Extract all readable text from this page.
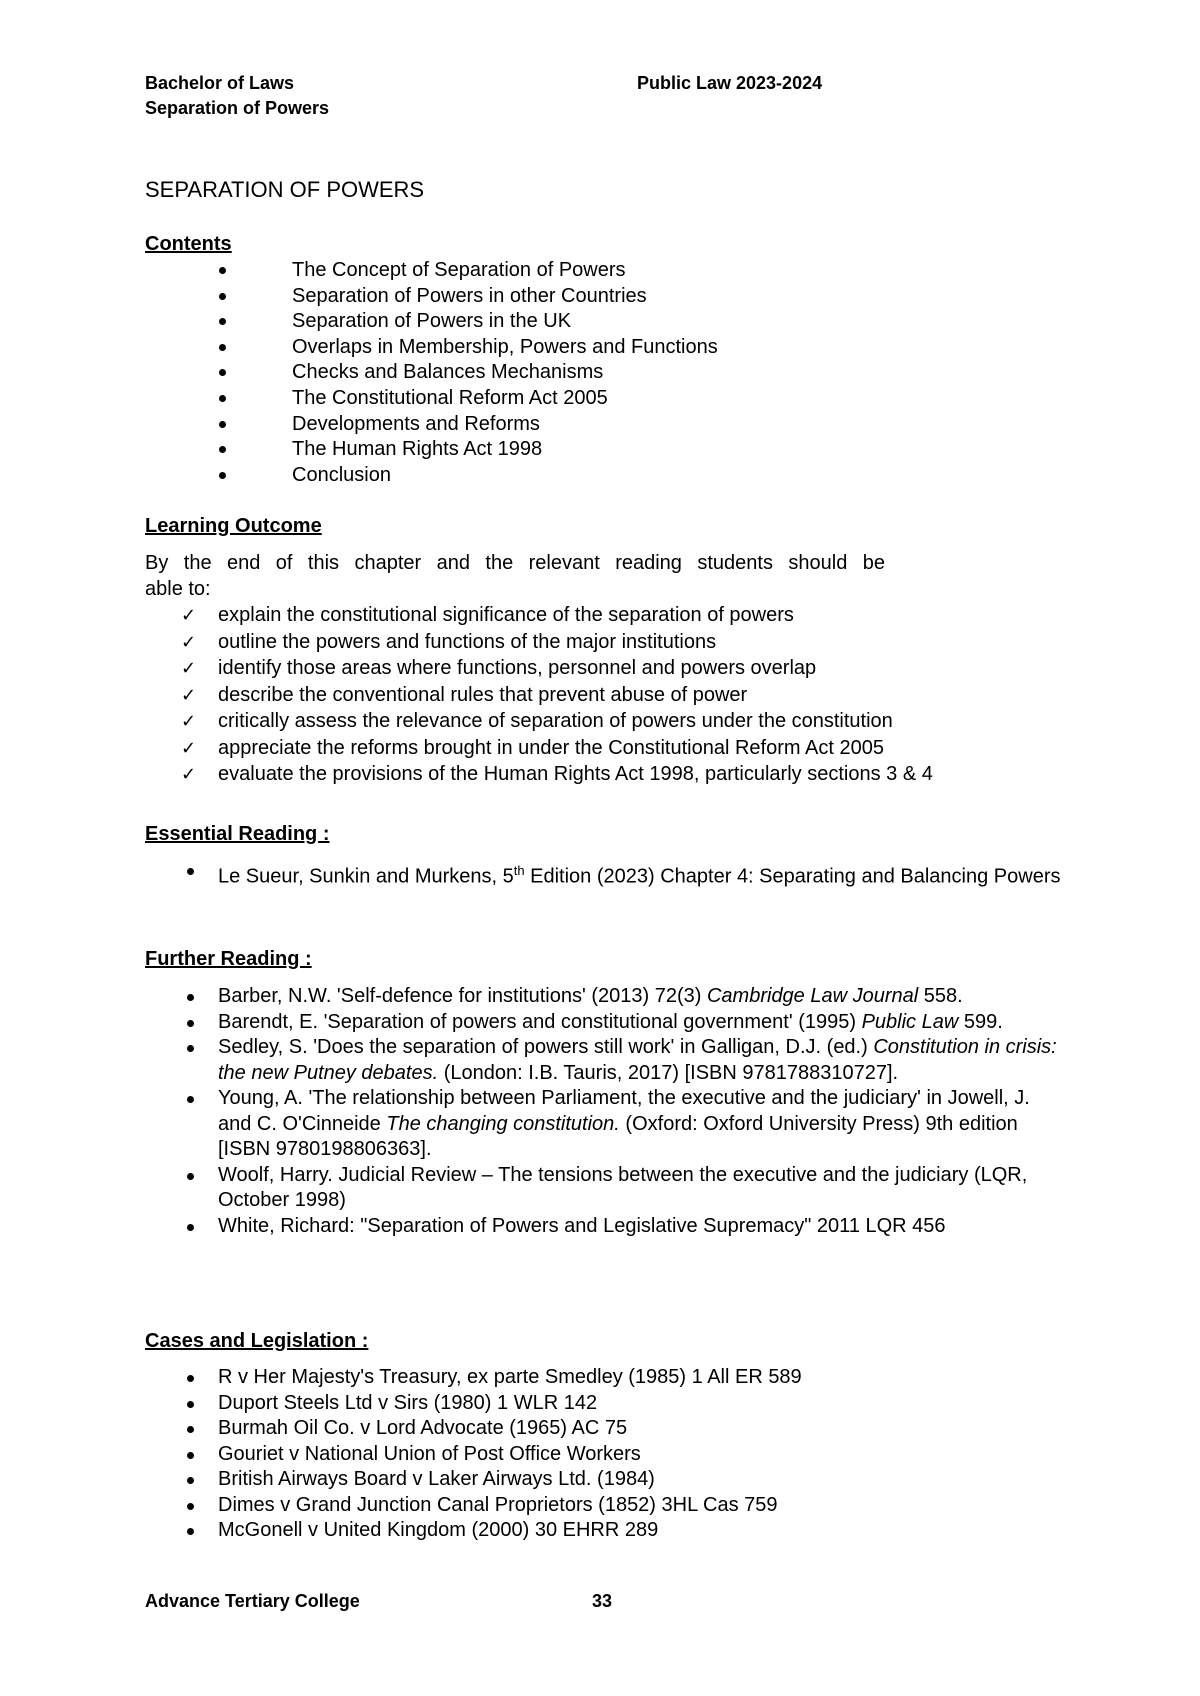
Bachelor of Laws
Separation of Powers
Public Law 2023-2024
SEPARATION OF POWERS
Contents
The Concept of Separation of Powers
Separation of Powers in other Countries
Separation of Powers in the UK
Overlaps in Membership, Powers and Functions
Checks and Balances Mechanisms
The Constitutional Reform Act 2005
Developments and Reforms
The Human Rights Act 1998
Conclusion
Learning Outcome
By the end of this chapter and the relevant reading students should be
able to:
✓ explain the constitutional significance of the separation of powers
✓ outline the powers and functions of the major institutions
✓ identify those areas where functions, personnel and powers overlap
✓ describe the conventional rules that prevent abuse of power
✓ critically assess the relevance of separation of powers under the constitution
✓ appreciate the reforms brought in under the Constitutional Reform Act 2005
✓ evaluate the provisions of the Human Rights Act 1998, particularly sections 3 & 4
Essential Reading :
Le Sueur, Sunkin and Murkens, 5th Edition (2023) Chapter 4: Separating and Balancing Powers
Further Reading :
Barber, N.W. 'Self-defence for institutions' (2013) 72(3) Cambridge Law Journal 558.
Barendt, E. 'Separation of powers and constitutional government' (1995) Public Law 599.
Sedley, S. 'Does the separation of powers still work' in Galligan, D.J. (ed.) Constitution in crisis: the new Putney debates. (London: I.B. Tauris, 2017) [ISBN 9781788310727].
Young, A. 'The relationship between Parliament, the executive and the judiciary' in Jowell, J. and C. O'Cinneide The changing constitution. (Oxford: Oxford University Press) 9th edition [ISBN 9780198806363].
Woolf, Harry. Judicial Review – The tensions between the executive and the judiciary (LQR, October 1998)
White, Richard: "Separation of Powers and Legislative Supremacy" 2011 LQR 456
Cases and Legislation :
R v Her Majesty's Treasury, ex parte Smedley (1985) 1 All ER 589
Duport Steels Ltd v Sirs (1980) 1 WLR 142
Burmah Oil Co. v Lord Advocate (1965) AC 75
Gouriet v National Union of Post Office Workers
British Airways Board v Laker Airways Ltd. (1984)
Dimes v Grand Junction Canal Proprietors (1852) 3HL Cas 759
McGonell v United Kingdom (2000) 30 EHRR 289
Advance Tertiary College	33
